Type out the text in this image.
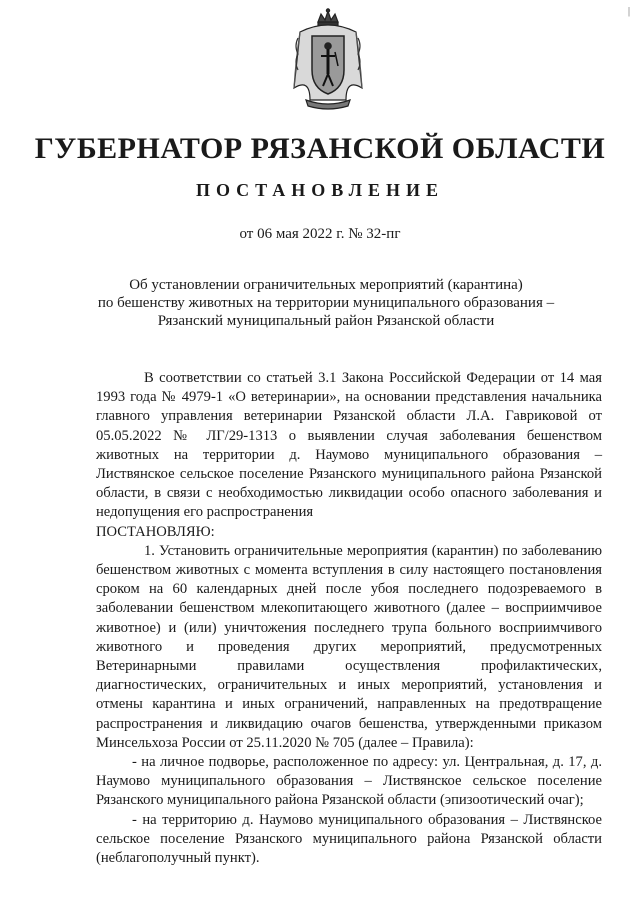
|
ГУБЕРНАТОР РЯЗАНСКОЙ ОБЛАСТИ
ПОСТАНОВЛЕНИЕ
от 06 мая 2022 г. № 32-пг
Об установлении ограничительных мероприятий (карантина)
по бешенству животных на территории муниципального образования –
Рязанский муниципальный район Рязанской области

В соответствии со статьей 3.1 Закона Российской Федерации от 14 мая 1993 года № 4979-1 «О ветеринарии», на основании представления начальника главного управления ветеринарии Рязанской области Л.А. Гавриковой от 05.05.2022 № ЛГ/29-1313 о выявлении случая заболевания бешенством животных на территории д. Наумово муниципального образования – Листвянское сельское поселение Рязанского муниципального района Рязанской области, в связи с необходимостью ликвидации особо опасного заболевания и недопущения его распространения

ПОСТАНОВЛЯЮ:

1. Установить ограничительные мероприятия (карантин) по заболеванию бешенством животных с момента вступления в силу настоящего постановления сроком на 60 календарных дней после убоя последнего подозреваемого в заболевании бешенством млекопитающего животного (далее – восприимчивое животное) и (или) уничтожения последнего трупа больного восприимчивого животного и проведения других мероприятий, предусмотренных Ветеринарными правилами осуществления профилактических, диагностических, ограничительных и иных мероприятий, установления и отмены карантина и иных ограничений, направленных на предотвращение распространения и ликвидацию очагов бешенства, утвержденными приказом Минсельхоза России от 25.11.2020 № 705 (далее – Правила):

- на личное подворье, расположенное по адресу: ул. Центральная, д. 17, д. Наумово муниципального образования – Листвянское сельское поселение Рязанского муниципального района Рязанской области (эпизоотический очаг);

- на территорию д. Наумово муниципального образования – Листвянское сельское поселение Рязанского муниципального района Рязанской области (неблагополучный пункт).
